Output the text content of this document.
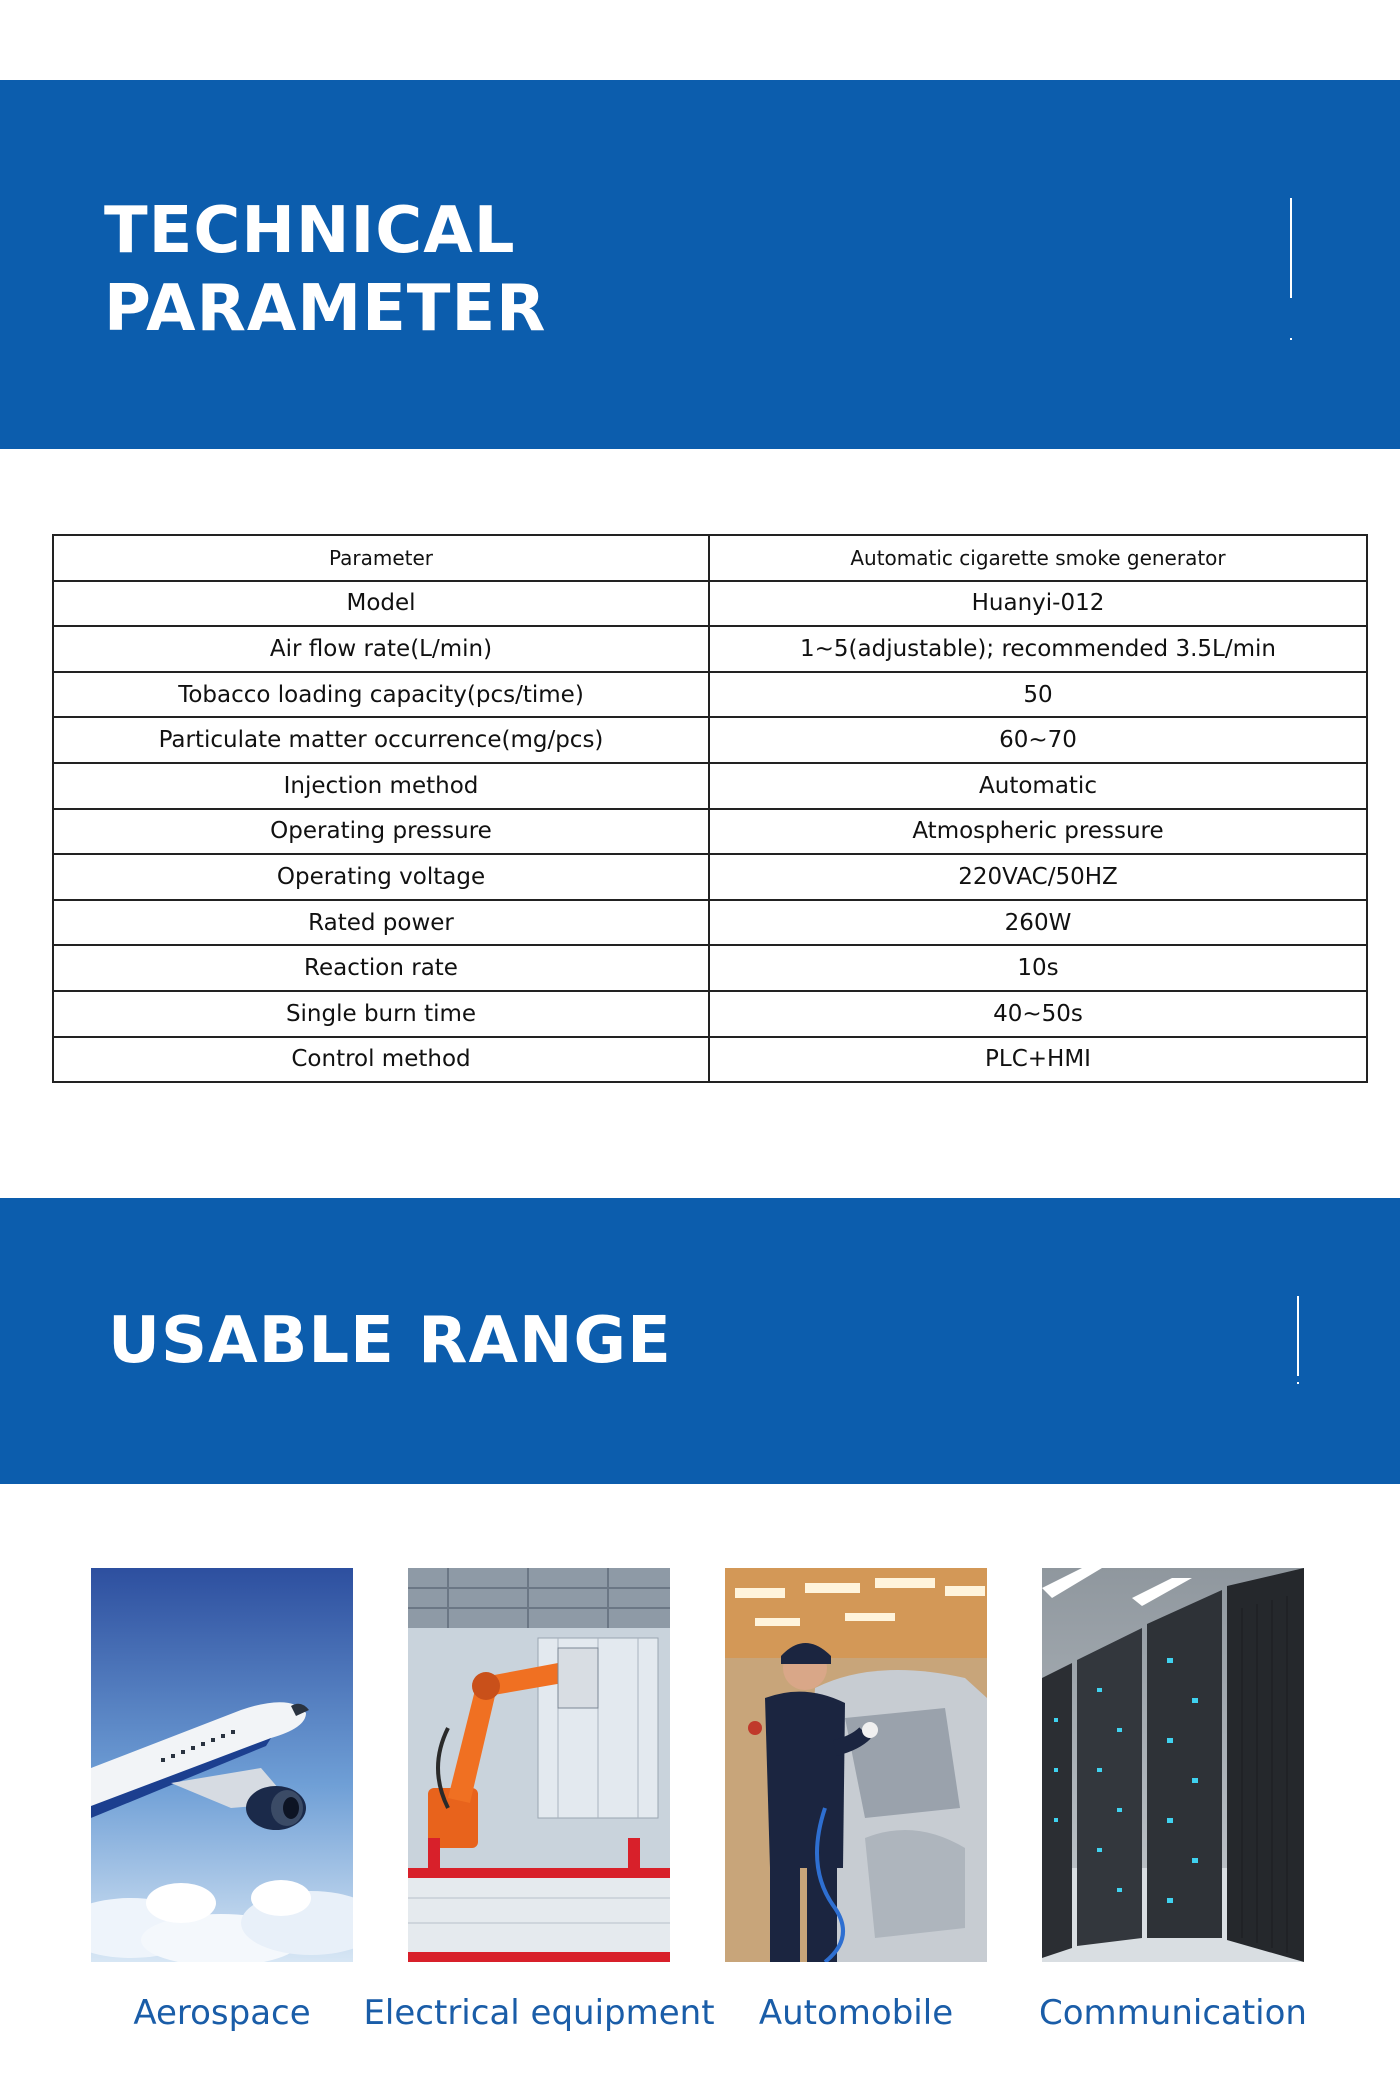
TECHNICAL
PARAMETER
Parameter	Automatic cigarette smoke generator
Model	Huanyi-012
Air flow rate(L/min)	1~5(adjustable); recommended 3.5L/min
Tobacco loading capacity(pcs/time)	50
Particulate matter occurrence(mg/pcs)	60~70
Injection method	Automatic
Operating pressure	Atmospheric pressure
Operating voltage	220VAC/50HZ
Rated power	260W
Reaction rate	10s
Single burn time	40~50s
Control method	PLC+HMI
USABLE RANGE
Aerospace	Electrical equipment	Automobile	Communication
